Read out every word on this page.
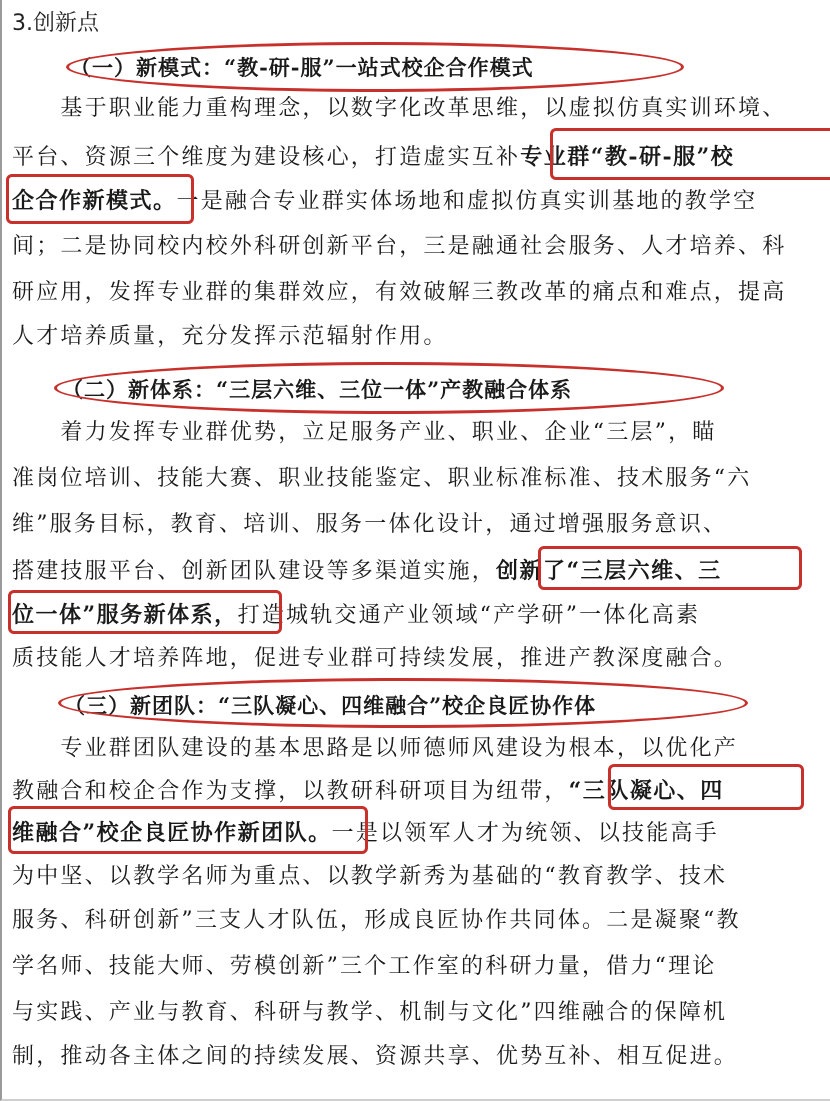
3.创新点
（一）新模式：“教-研-服”一站式校企合作模式
　　基于职业能力重构理念，以数字化改革思维，以虚拟仿真实训环境、
平台、资源三个维度为建设核心，打造虚实互补专业群“教-研-服”校
企合作新模式。一是融合专业群实体场地和虚拟仿真实训基地的教学空
间；二是协同校内校外科研创新平台，三是融通社会服务、人才培养、科
研应用，发挥专业群的集群效应，有效破解三教改革的痛点和难点，提高
人才培养质量，充分发挥示范辐射作用。
（二）新体系：“三层六维、三位一体”产教融合体系
　　着力发挥专业群优势，立足服务产业、职业、企业“三层”，瞄
准岗位培训、技能大赛、职业技能鉴定、职业标准标准、技术服务“六
维”服务目标，教育、培训、服务一体化设计，通过增强服务意识、
搭建技服平台、创新团队建设等多渠道实施，创新了“三层六维、三
位一体”服务新体系，打造城轨交通产业领域“产学研”一体化高素
质技能人才培养阵地，促进专业群可持续发展，推进产教深度融合。
（三）新团队：“三队凝心、四维融合”校企良匠协作体
　　专业群团队建设的基本思路是以师德师风建设为根本，以优化产
教融合和校企合作为支撑，以教研科研项目为纽带，“三队凝心、四
维融合”校企良匠协作新团队。一是以领军人才为统领、以技能高手
为中坚、以教学名师为重点、以教学新秀为基础的“教育教学、技术
服务、科研创新”三支人才队伍，形成良匠协作共同体。二是凝聚“教
学名师、技能大师、劳模创新”三个工作室的科研力量，借力“理论
与实践、产业与教育、科研与教学、机制与文化”四维融合的保障机
制，推动各主体之间的持续发展、资源共享、优势互补、相互促进。
